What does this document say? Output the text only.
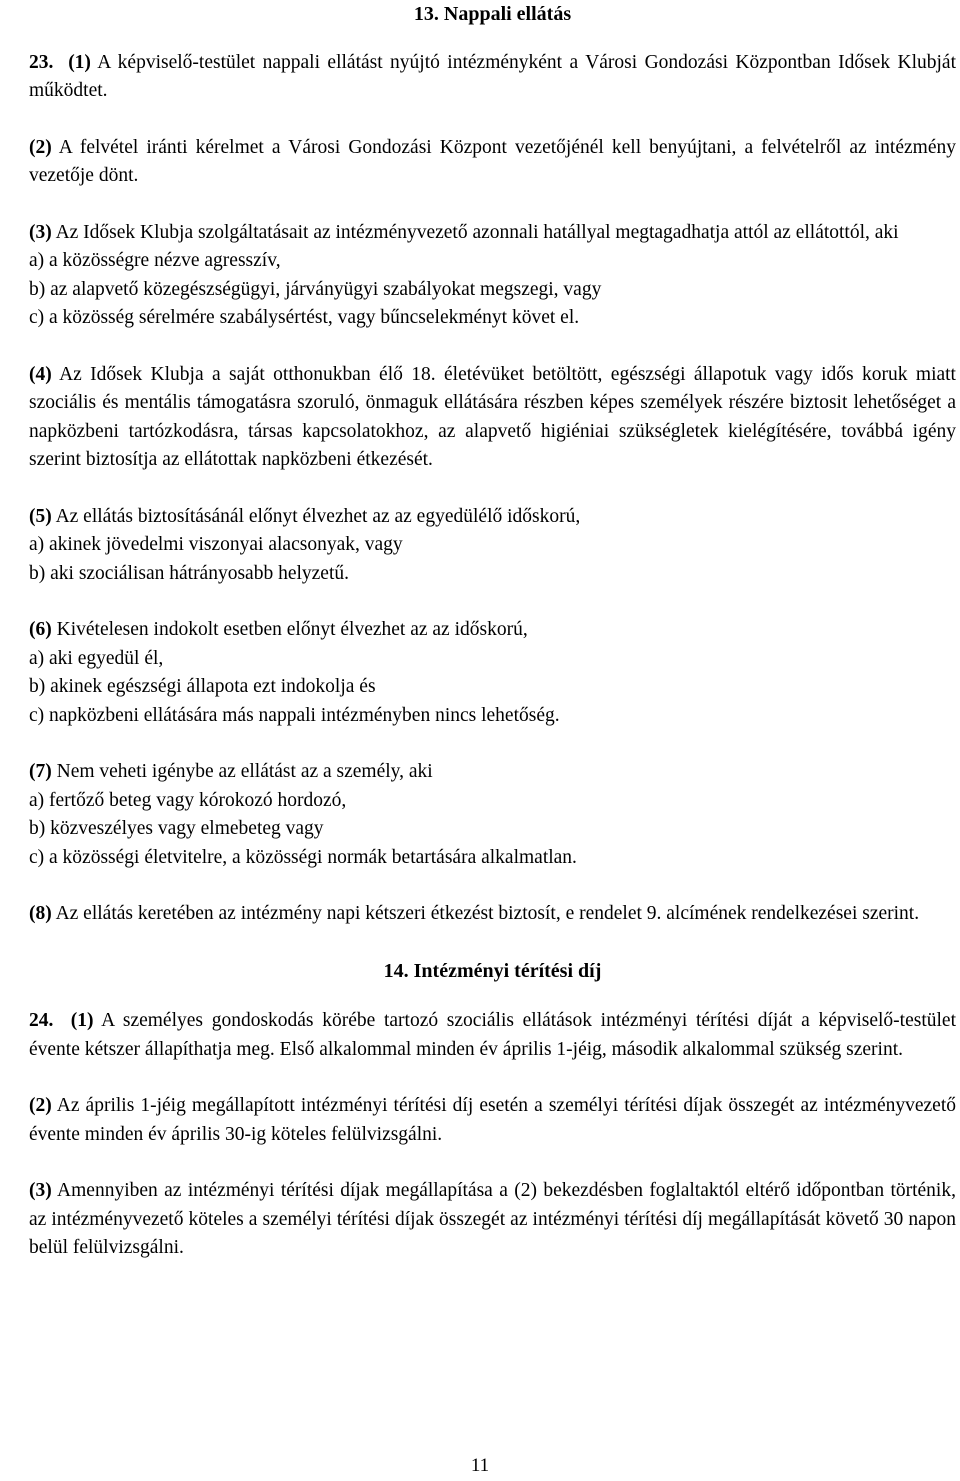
13. Nappali ellátás

23. (1) A képviselő-testület nappali ellátást nyújtó intézményként a Városi Gondozási Központban Idősek Klubját működtet.

(2) A felvétel iránti kérelmet a Városi Gondozási Központ vezetőjénél kell benyújtani, a felvételről az intézmény vezetője dönt.

(3) Az Idősek Klubja szolgáltatásait az intézményvezető azonnali hatállyal megtagadhatja attól az ellátottól, aki

a) a közösségre nézve agresszív,
b) az alapvető közegészségügyi, járványügyi szabályokat megszegi, vagy
c) a közösség sérelmére szabálysértést, vagy bűncselekményt követ el.

(4) Az Idősek Klubja a saját otthonukban élő 18. életévüket betöltött, egészségi állapotuk vagy idős koruk miatt szociális és mentális támogatásra szoruló, önmaguk ellátására részben képes személyek részére biztosit lehetőséget a napközbeni tartózkodásra, társas kapcsolatokhoz, az alapvető higiéniai szükségletek kielégítésére, továbbá igény szerint biztosítja az ellátottak napközbeni étkezését.

(5) Az ellátás biztosításánál előnyt élvezhet az az egyedülélő időskorú,
a) akinek jövedelmi viszonyai alacsonyak, vagy
b) aki szociálisan hátrányosabb helyzetű.
(6) Kivételesen indokolt esetben előnyt élvezhet az az időskorú,
a) aki egyedül él,
b) akinek egészségi állapota ezt indokolja és
c) napközbeni ellátására más nappali intézményben nincs lehetőség.
(7) Nem veheti igénybe az ellátást az a személy, aki
a) fertőző beteg vagy kórokozó hordozó,
b) közveszélyes vagy elmebeteg vagy
c) a közösségi életvitelre, a közösségi normák betartására alkalmatlan.

(8) Az ellátás keretében az intézmény napi kétszeri étkezést biztosít, e rendelet 9. alcímének rendelkezései szerint.

14. Intézményi térítési díj

24. (1) A személyes gondoskodás körébe tartozó szociális ellátások intézményi térítési díját a képviselő-testület évente kétszer állapíthatja meg. Első alkalommal minden év április 1-jéig, második alkalommal szükség szerint.

(2) Az április 1-jéig megállapított intézményi térítési díj esetén a személyi térítési díjak összegét az intézményvezető évente minden év április 30-ig köteles felülvizsgálni.

(3) Amennyiben az intézményi térítési díjak megállapítása a (2) bekezdésben foglaltaktól eltérő időpontban történik, az intézményvezető köteles a személyi térítési díjak összegét az intézményi térítési díj megállapítását követő 30 napon belül felülvizsgálni.

11
